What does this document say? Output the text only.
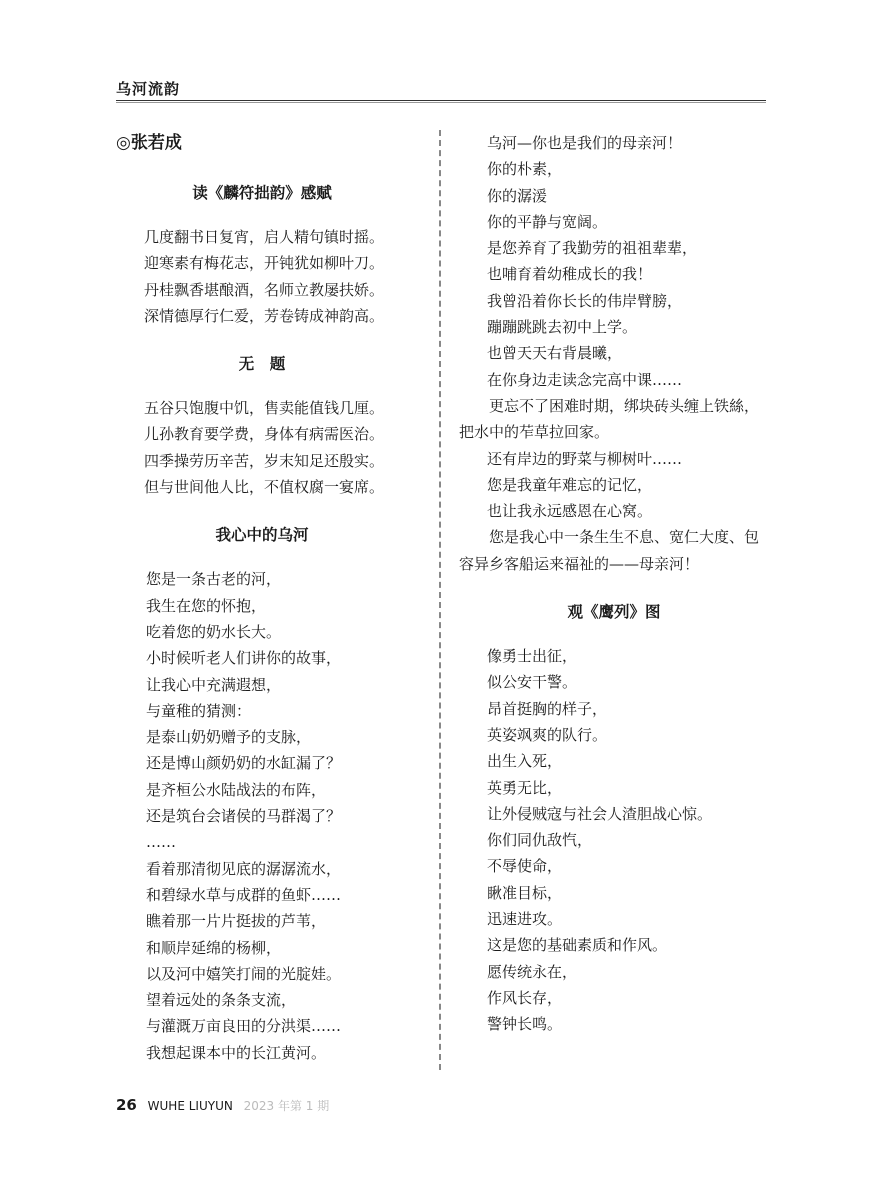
乌河流韵
◎张若成
读《麟符拙韵》感赋
几度翻书日复宵，启人精句镇时摇。
迎寒素有梅花志，开钝犹如柳叶刀。
丹桂飘香堪酿酒，名师立教屡扶娇。
深情德厚行仁爱，芳卷铸成神韵高。
无　题
五谷只饱腹中饥，售卖能值钱几厘。
儿孙教育要学费，身体有病需医治。
四季操劳历辛苦，岁末知足还殷实。
但与世间他人比，不值权腐一宴席。
我心中的乌河
您是一条古老的河，
我生在您的怀抱，
吃着您的奶水长大。
小时候听老人们讲你的故事，
让我心中充满遐想，
与童稚的猜测：
是泰山奶奶赠予的支脉，
还是博山颜奶奶的水缸漏了？
是齐桓公水陆战法的布阵，
还是筑台会诸侯的马群渴了？
……
看着那清彻见底的潺潺流水，
和碧绿水草与成群的鱼虾……
瞧着那一片片挺拔的芦苇，
和顺岸延绵的杨柳，
以及河中嬉笑打闹的光腚娃。
望着远处的条条支流，
与灌溉万亩良田的分洪渠……
我想起课本中的长江黄河。
乌河—你也是我们的母亲河！
你的朴素，
你的潺湲
你的平静与宽阔。
是您养育了我勤劳的祖祖辈辈，
也哺育着幼稚成长的我！
我曾沿着你长长的伟岸臂膀，
蹦蹦跳跳去初中上学。
也曾天天右背晨曦，
在你身边走读念完高中课……
更忘不了困难时期，绑块砖头缠上铁絲，把水中的苲草拉回家。
还有岸边的野菜与柳树叶……
您是我童年难忘的记忆，
也让我永远感恩在心窝。
您是我心中一条生生不息、宽仁大度、包容异乡客船运来福祉的——母亲河！
观《鹰列》图
像勇士出征，
似公安干警。
昂首挺胸的样子，
英姿飒爽的队行。
出生入死，
英勇无比，
让外侵贼寇与社会人渣胆战心惊。
你们同仇敌忾，
不辱使命，
瞅准目标，
迅速进攻。
这是您的基础素质和作风。
愿传统永在，
作风长存，
警钟长鸣。
26 WUHE LIUYUN 2023 年第 1 期
